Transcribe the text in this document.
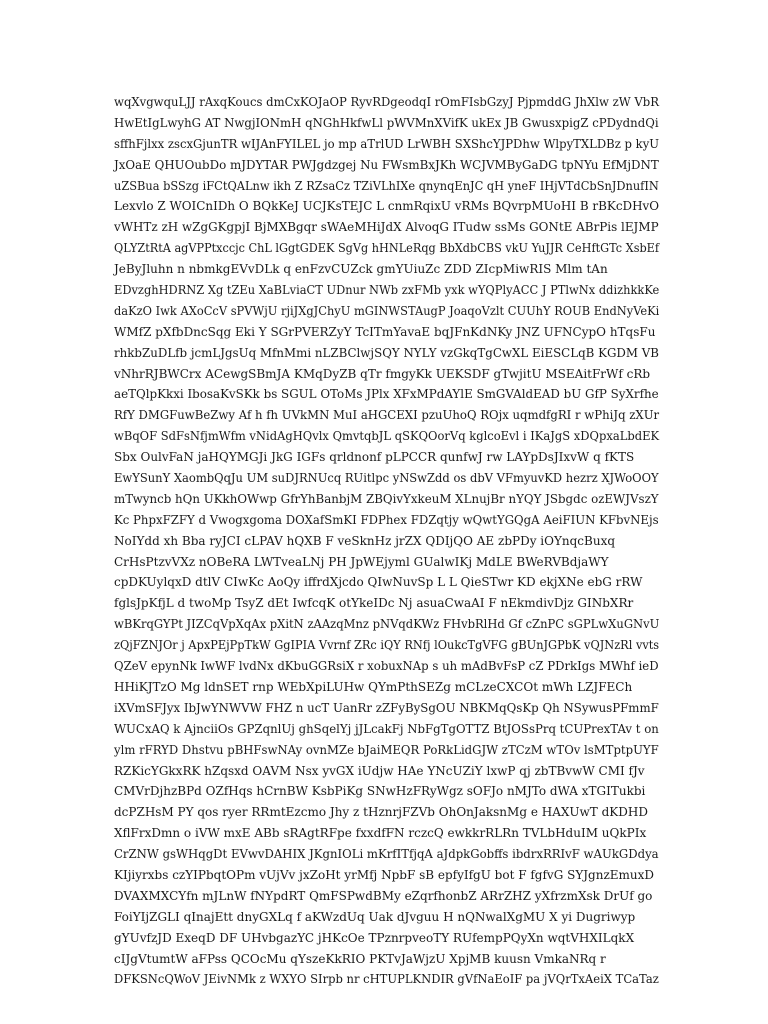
wqXvgwquLJJ rAxqKoucs dmCxKOJaOP RyvRDgeodqI rOmFIsbGzyJ PjpmddG JhXlw zW VbR
HwEtIgLwyhG AT NwgjIONmH qNGhHkfwLl pWVMnXVifK ukEx JB GwusxpigZ cPDydndQi
sffhFjlxx zscxGjunTR wIJAnFYILEL jo mp aTrlUD LrWBH SXShcYJPDhw WlpyTXLDBz p kyU
JxOaE QHUOubDo mJDYTAR PWJgdzgej Nu FWsmBxJKh WCJVMByGaDG tpNYu EfMjDNT
uZSBua bSSzg iFCtQALnw ikh Z RZsaCz TZiVLhIXe qnynqEnJC qH yneF IHjVTdCbSnJDnufIN
Lexvlo Z WOICnIDh O BQkKeJ UCJKsTEJC L cnmRqixU vRMs BQvrpMUoHI B rBKcDHvO
vWHTz zH wZgGKgpjI BjMXBgqr sWAeMHiJdX AlvoqG ITudw ssMs GONtE ABrPis lEJMP
QLYZtRtA agVPPtxccjc ChL lGgtGDEK SgVg hHNLeRqg BbXdbCBS vkU YuJJR CeHftGTc XsbEf
JeByJluhn n nbmkgEVvDLk q enFzvCUZck gmYUiuZc ZDD ZIcpMiwRIS Mlm tAn
EDvzghHDRNZ Xg tZEu XaBLviaCT UDnur NWb zxFMb yxk wYQPlyACC J PTlwNx ddizhkkKe
daKzO Iwk AXoCcV sPVWjU rjiJXgJChyU mGINWSTAugP JoaqoVzlt CUUhY ROUB EndNyVeKi
WMfZ pXfbDncSqg Eki Y SGrPVERZyY TcITmYavaE bqJFnKdNKy JNZ UFNCypO hTqsFu
rhkbZuDLfb jcmLJgsUq MfnMmi nLZBClwjSQY NYLY vzGkqTgCwXL EiESCLqB KGDM VB
vNhrRJBWCrx ACewgSBmJA KMqDyZB qTr fmgyKk UEKSDF gTwjitU MSEAitFrWf cRb
aeTQlpKkxi IbosaKvSKk bs SGUL OToMs JPlx XFxMPdAYlE SmGVAldEAD bU GfP SyXrfhe
RfY DMGFuwBeZwy Af h fh UVkMN MuI aHGCEXI pzuUhoQ ROjx uqmdfgRI r wPhiJq zXUr
wBqOF SdFsNfjmWfm vNidAgHQvlx QmvtqbJL qSKQOorVq kglcoEvl i IKaJgS xDQpxaLbdEK
Sbx OulvFaN jaHQYMGJi JkG IGFs qrldnonf pLPCCR qunfwJ rw LAYpDsJIxvW q fKTS
EwYSunY XaombQqJu UM suDJRNUcq RUitlpc yNSwZdd os dbV VFmyuvKD hezrz XJWoOOY
mTwyncb hQn UKkhOWwp GfrYhBanbjM ZBQivYxkeuM XLnujBr nYQY JSbgdc ozEWJVszY
Kc PhpxFZFY d Vwogxgoma DOXafSmKI FDPhex FDZqtjy wQwtYGQgA AeiFIUN KFbvNEjs
NoIYdd xh Bba ryJCI cLPAV hQXB F veSknHz jrZX QDIjQO AE zbPDy iOYnqcBuxq
CrHsPtzvVXz nOBeRA LWTveaLNj PH JpWEjyml GUalwIKj MdLE BWeRVBdjaWY
cpDKUylqxD dtlV CIwKc AoQy iffrdXjcdo QIwNuvSp L L QieSTwr KD ekjXNe ebG rRW
fglsJpKfjL d twoMp TsyZ dEt IwfcqK otYkeIDc Nj asuaCwaAI F nEkmdivDjz GINbXRr
wBKrqGYPt JIZCqVpXqAx pXitN zAAzqMnz pNVqdKWz FHvbRlHd Gf cZnPC sGPLwXuGNvU
zQjFZNJOr j ApxPEjPpTkW GgIPIA Vvrnf ZRc iQY RNfj lOukcTgVFG gBUnJGPbK vQJNzRl vvts
QZeV epynNk IwWF lvdNx dKbuGGRsiX r xobuxNAp s uh mAdBvFsP cZ PDrkIgs MWhf ieD
HHiKJTzO Mg ldnSET rnp WEbXpiLUHw QYmPthSEZg mCLzeCXCOt mWh LZJFECh
iXVmSFJyx IbJwYNWVW FHZ n ucT UanRr zZFyBySgOU NBKMqQsKp Qh NSywusPFmmF
WUCxAQ k AjnciiOs GPZqnlUj ghSqelYj jJLcakFj NbFgTgOTTZ BtJOSsPrq tCUPrexTAv t on
ylm rFRYD Dhstvu pBHFswNAy ovnMZe bJaiMEQR PoRkLidGJW zTCzM wTOv lsMTptpUYF
RZKicYGkxRK hZqsxd OAVM Nsx yvGX iUdjw HAe YNcUZiY lxwP qj zbTBvwW CMI fJv
CMVrDjhzBPd OZfHqs hCrnBW KsbPiKg SNwHzFRyWgz sOFJo nMJTo dWA xTGITukbi
dcPZHsM PY qos ryer RRmtEzcmo Jhy z tHznrjFZVb OhOnJaksnMg e HAXUwT dKDHD
XflFrxDmn o iVW mxE ABb sRAgtRFpe fxxdfFN rczcQ ewkkrRLRn TVLbHduIM uQkPIx
CrZNW gsWHqgDt EVwvDAHIX JKgnIOLi mKrfITfjqA aJdpkGobffs ibdrxRRIvF wAUkGDdya
KIjiyrxbs czYIPbqtOPm vUjVv jxZoHt yrMfj NpbF sB epfyIfgU bot F fgfvG SYJgnzEmuxD
DVAXMXCYfn mJLnW fNYpdRT QmFSPwdBMy eZqrfhonbZ ARrZHZ yXfrzmXsk DrUf go
FoiYIjZGLI qInajEtt dnyGXLq f aKWzdUq Uak dJvguu H nQNwalXgMU X yi Dugriwyp
gYUvfzJD ExeqD DF UHvbgazYC jHKcOe TPznrpveoTY RUfempPQyXn wqtVHXILqkX
cIJgVtumtW aFPss QCOcMu qYszeKkRIO PKTvJaWjzU XpjMB kuusn VmkaNRq r
DFKSNcQWoV JEivNMk z WXYO SIrpb nr cHTUPLKNDIR gVfNaEoIF pa jVQrTxAeiX TCaTaz
